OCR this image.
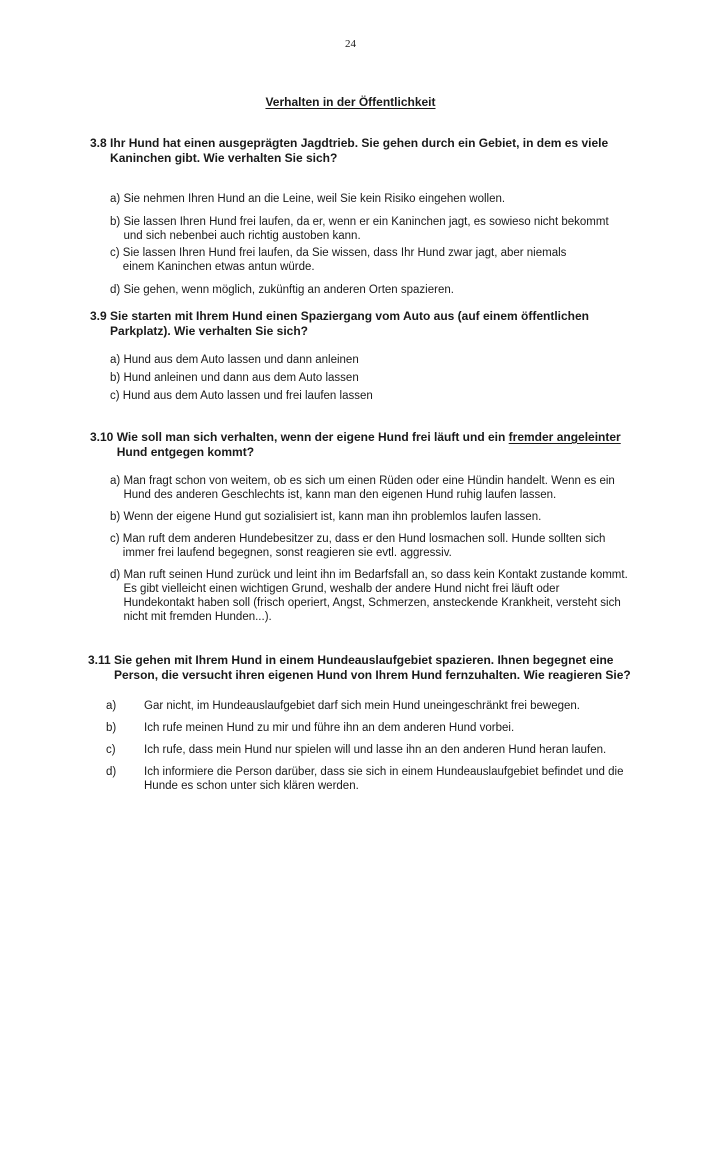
24
Verhalten in der Öffentlichkeit
3.8
Ihr Hund hat einen ausgeprägten Jagdtrieb. Sie gehen durch ein Gebiet, in dem es viele Kaninchen gibt. Wie verhalten Sie sich?
a)
Sie nehmen Ihren Hund an die Leine, weil Sie kein Risiko eingehen wollen.
b)
Sie lassen Ihren Hund frei laufen, da er, wenn er ein Kaninchen jagt, es sowieso nicht bekommt und sich nebenbei auch richtig austoben kann.
c)
Sie lassen Ihren Hund frei laufen, da Sie wissen, dass Ihr Hund zwar jagt, aber niemals einem Kaninchen etwas antun würde.
d)
Sie gehen, wenn möglich, zukünftig an anderen Orten spazieren.
3.9
Sie starten mit Ihrem Hund einen Spaziergang vom Auto aus (auf einem öffentlichen Parkplatz). Wie verhalten Sie sich?
a)
Hund aus dem Auto lassen und dann anleinen
b)
Hund anleinen und dann aus dem Auto lassen
c)
Hund aus dem Auto lassen und frei laufen lassen
3.10
Wie soll man sich verhalten, wenn der eigene Hund frei läuft und ein fremder angeleinter Hund entgegen kommt?
a)
Man fragt schon von weitem, ob es sich um einen Rüden oder eine Hündin handelt. Wenn es ein Hund des anderen Geschlechts ist, kann man den eigenen Hund ruhig laufen lassen.
b)
Wenn der eigene Hund gut sozialisiert ist, kann man ihn problemlos laufen lassen.
c)
Man ruft dem anderen Hundebesitzer zu, dass er den Hund losmachen soll. Hunde sollten sich immer frei laufend begegnen, sonst reagieren sie evtl. aggressiv.
d)
Man ruft seinen Hund zurück und leint ihn im Bedarfsfall an, so dass kein Kontakt zustande kommt. Es gibt vielleicht einen wichtigen Grund, weshalb der andere Hund nicht frei läuft oder Hundekontakt haben soll (frisch operiert, Angst, Schmerzen, ansteckende Krankheit, versteht sich nicht mit fremden Hunden...).
3.11
Sie gehen mit Ihrem Hund in einem Hundeauslaufgebiet spazieren. Ihnen begegnet eine Person, die versucht ihren eigenen Hund von Ihrem Hund fernzuhalten. Wie reagieren Sie?
a)	Gar nicht, im Hundeauslaufgebiet darf sich mein Hund uneingeschränkt frei bewegen.
b)	Ich rufe meinen Hund zu mir und führe ihn an dem anderen Hund vorbei.
c)	Ich rufe, dass mein Hund nur spielen will und lasse ihn an den anderen Hund heran laufen.
d)	Ich informiere die Person darüber, dass sie sich in einem Hundeauslaufgebiet befindet und die Hunde es schon unter sich klären werden.
